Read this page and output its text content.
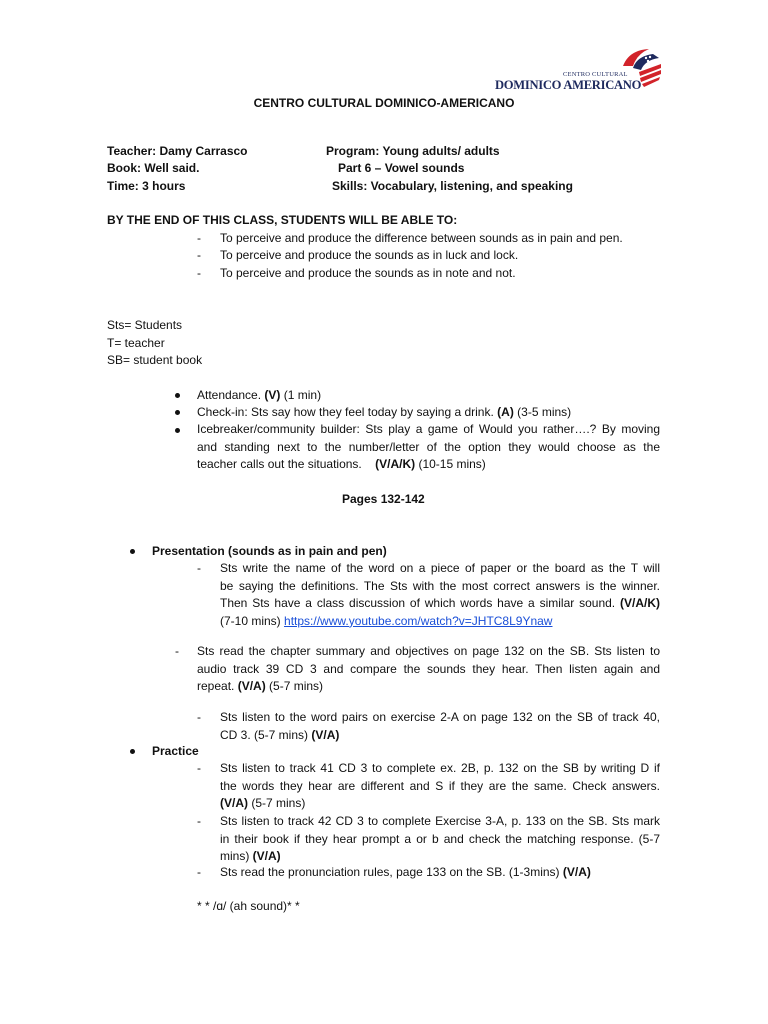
CENTRO CULTURAL
DOMINICO AMERICANO
CENTRO CULTURAL DOMINICO-AMERICANO
Teacher: Damy Carrasco
Book: Well said.
Time: 3 hours
Program: Young adults/ adults
Part 6 – Vowel sounds
Skills: Vocabulary, listening, and speaking
BY THE END OF THIS CLASS, STUDENTS WILL BE ABLE TO:
- To perceive and produce the difference between sounds as in pain and pen.
- To perceive and produce the sounds as in luck and lock.
- To perceive and produce the sounds as in note and not.
Sts= Students
T= teacher
SB= student book
Attendance. (V) (1 min)
Check-in: Sts say how they feel today by saying a drink. (A) (3-5 mins)
Icebreaker/community builder: Sts play a game of Would you rather….? By moving
and standing next to the number/letter of the option they would choose as the
teacher calls out the situations.    (V/A/K) (10-15 mins)
Pages 132-142
Presentation (sounds as in pain and pen)
- Sts write the name of the word on a piece of paper or the board as the T will
be saying the definitions. The Sts with the most correct answers is the winner.
Then Sts have a class discussion of which words have a similar sound. (V/A/K)
(7-10 mins) https://www.youtube.com/watch?v=JHTC8L9Ynaw
- Sts read the chapter summary and objectives on page 132 on the SB. Sts listen to
audio track 39 CD 3 and compare the sounds they hear. Then listen again and
repeat. (V/A) (5-7 mins)
- Sts listen to the word pairs on exercise 2-A on page 132 on the SB of track 40,
CD 3. (5-7 mins) (V/A)
Practice
- Sts listen to track 41 CD 3 to complete ex. 2B, p. 132 on the SB by writing D if
the words they hear are different and S if they are the same. Check answers.
(V/A) (5-7 mins)
- Sts listen to track 42 CD 3 to complete Exercise 3-A, p. 133 on the SB. Sts mark
in their book if they hear prompt a or b and check the matching response. (5-7
mins) (V/A)
- Sts read the pronunciation rules, page 133 on the SB. (1-3mins) (V/A)
* * /ɑ/ (ah sound)* *
